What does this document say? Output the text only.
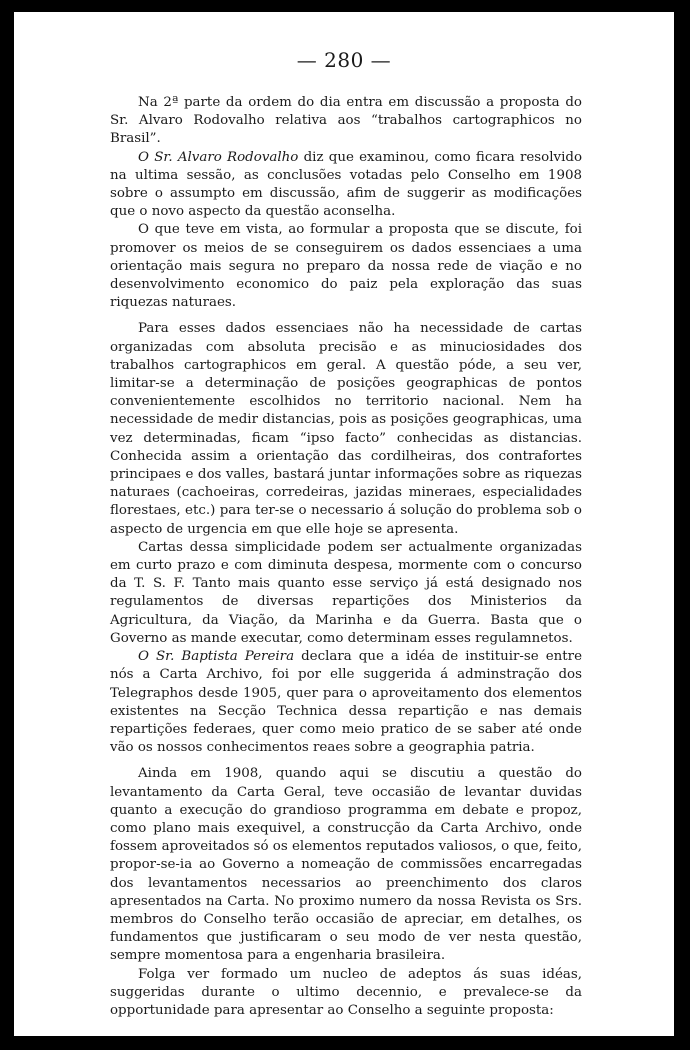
— 280 —

Na 2ª parte da ordem do dia entra em discussão a proposta do Sr. Alvaro Rodovalho relativa aos “trabalhos cartographicos no Brasil”.

O Sr. Alvaro Rodovalho diz que examinou, como ficara resolvido na ultima sessão, as conclusões votadas pelo Conselho em 1908 sobre o assumpto em discussão, afim de suggerir as modificações que o novo aspecto da questão aconselha.

O que teve em vista, ao formular a proposta que se discute, foi promover os meios de se conseguirem os dados essenciaes a uma orientação mais segura no preparo da nossa rede de viação e no desenvolvimento economico do paiz pela exploração das suas riquezas naturaes.

Para esses dados essenciaes não ha necessidade de cartas organizadas com absoluta precisão e as minuciosidades dos trabalhos cartographicos em geral. A questão póde, a seu ver, limitar-se a determinação de posições geographicas de pontos convenientemente escolhidos no territorio nacional. Nem ha necessidade de medir distancias, pois as posições geographicas, uma vez determinadas, ficam “ipso facto” conhecidas as distancias. Conhecida assim a orientação das cordilheiras, dos contrafortes principaes e dos valles, bastará juntar informações sobre as riquezas naturaes (cachoeiras, corredeiras, jazidas mineraes, especialidades florestaes, etc.) para ter-se o necessario á solução do problema sob o aspecto de urgencia em que elle hoje se apresenta.

Cartas dessa simplicidade podem ser actualmente organizadas em curto prazo e com diminuta despesa, mormente com o concurso da T. S. F. Tanto mais quanto esse serviço já está designado nos regulamentos de diversas repartições dos Ministerios da Agricultura, da Viação, da Marinha e da Guerra. Basta que o Governo as mande executar, como determinam esses regulamnetos.

O Sr. Baptista Pereira declara que a idéa de instituir-se entre nós a Carta Archivo, foi por elle suggerida á adminstração dos Telegraphos desde 1905, quer para o aproveitamento dos elementos existentes na Secção Technica dessa repartição e nas demais repartições federaes, quer como meio pratico de se saber até onde vão os nossos conhecimentos reaes sobre a geographia patria.

Ainda em 1908, quando aqui se discutiu a questão do levantamento da Carta Geral, teve occasião de levantar duvidas quanto a execução do grandioso programma em debate e propoz, como plano mais exequivel, a construcção da Carta Archivo, onde fossem aproveitados só os elementos reputados valiosos, o que, feito, propor-se-ia ao Governo a nomeação de commissões encarregadas dos levantamentos necessarios ao preenchimento dos claros apresentados na Carta. No proximo numero da nossa Revista os Srs. membros do Conselho terão occasião de apreciar, em detalhes, os fundamentos que justificaram o seu modo de ver nesta questão, sempre momentosa para a engenharia brasileira.

Folga ver formado um nucleo de adeptos ás suas idéas, suggeridas durante o ultimo decennio, e prevalece-se da opportunidade para apresentar ao Conselho a seguinte proposta:
